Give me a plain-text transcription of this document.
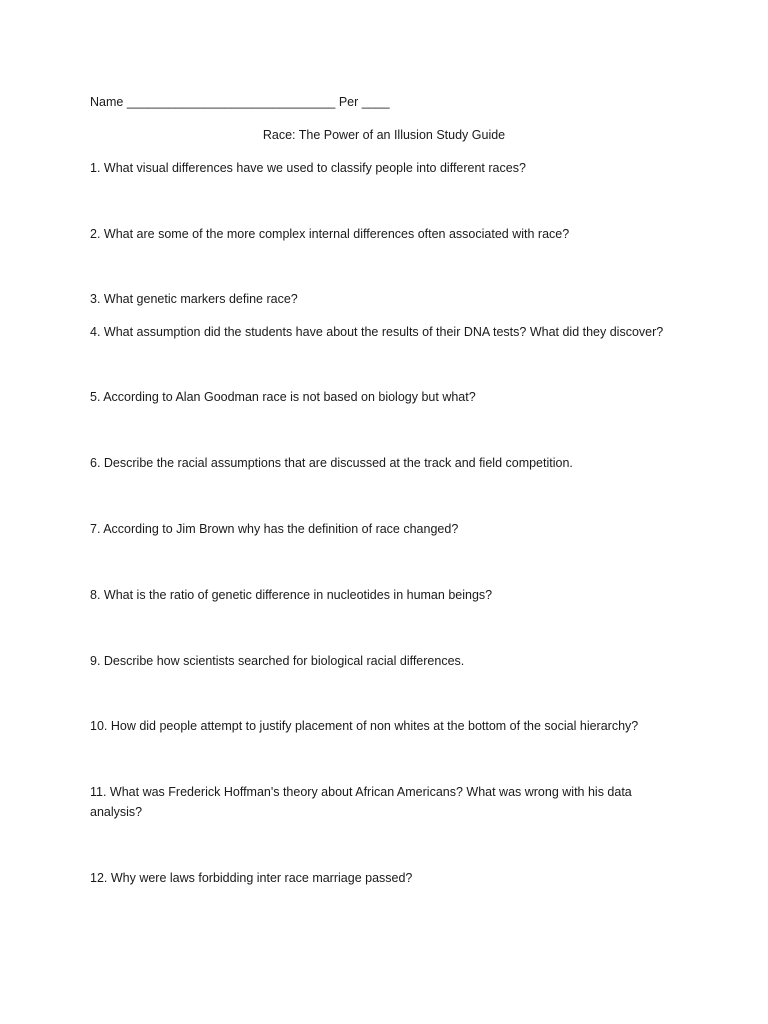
Name ______________________________ Per ____

Race: The Power of an Illusion Study Guide

1. What visual differences have we used to classify people into different races?

2. What are some of the more complex internal differences often associated with race?

3. What genetic markers define race?

4. What assumption did the students have about the results of their DNA tests? What did they discover?

5. According to Alan Goodman race is not based on biology but what?

6. Describe the racial assumptions that are discussed at the track and field competition.

7. According to Jim Brown why has the definition of race changed?

8. What is the ratio of genetic difference in nucleotides in human beings?

9. Describe how scientists searched for biological racial differences.

10. How did people attempt to justify placement of non whites at the bottom of the social hierarchy?

11. What was Frederick Hoffman's theory about African Americans? What was wrong with his data analysis?

12. Why were laws forbidding inter race marriage passed?
